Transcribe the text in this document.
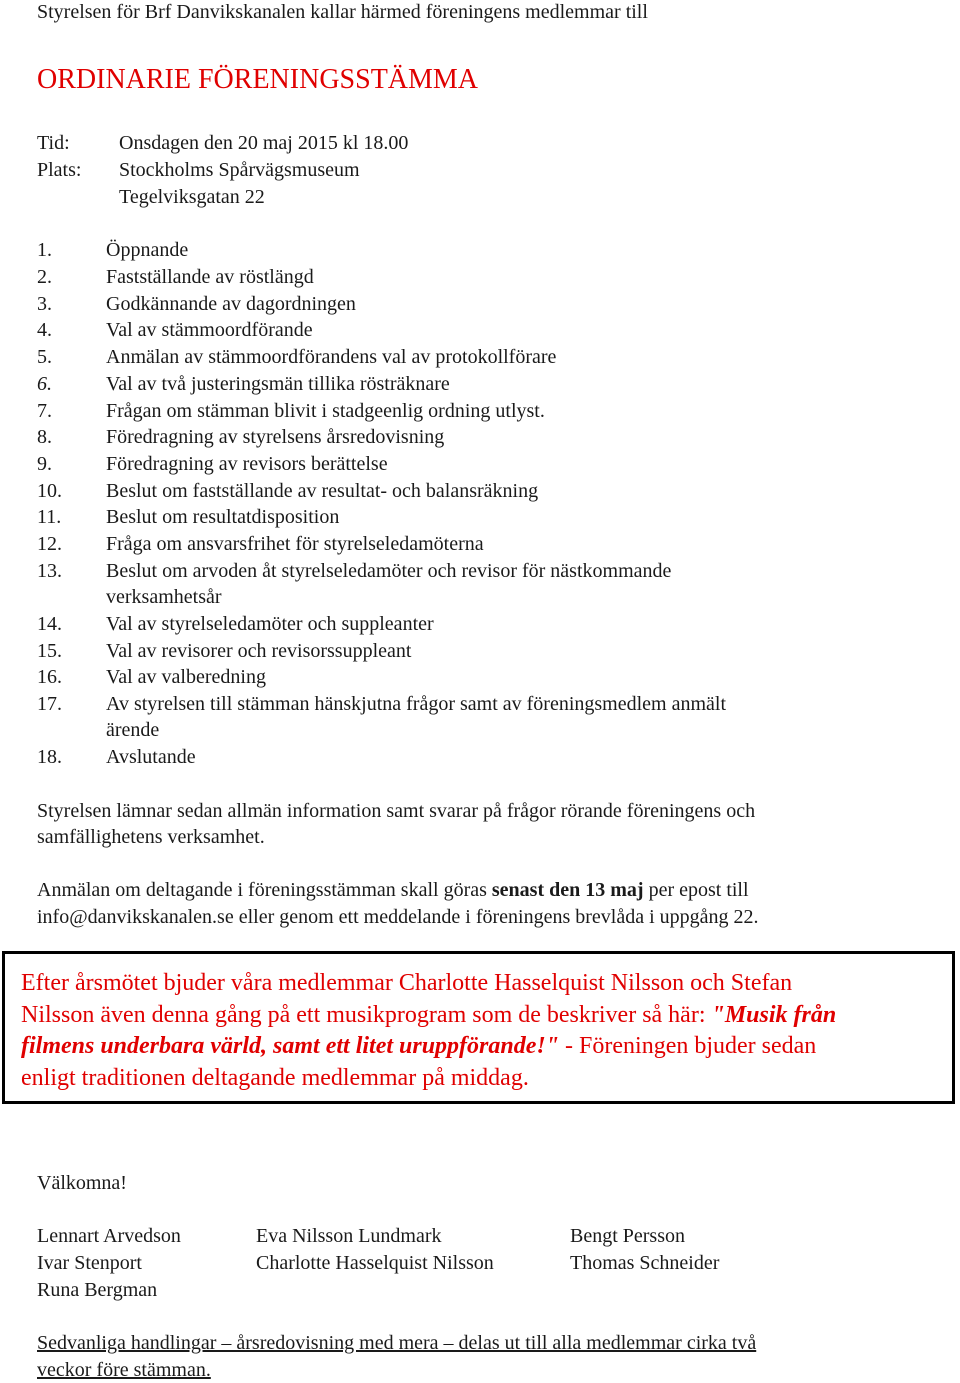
Styrelsen för Brf Danvikskanalen kallar härmed föreningens medlemmar till
ORDINARIE FÖRENINGSSTÄMMA
Tid: Onsdagen den 20 maj 2015 kl 18.00
Plats: Stockholms Spårvägsmuseum
Tegelviksgatan 22
1.	Öppnande
2.	Fastställande av röstlängd
3.	Godkännande av dagordningen
4.	Val av stämmoordförande
5.	Anmälan av stämmoordförandens val av protokollförare
6.	Val av två justeringsmän tillika rösträknare
7.	Frågan om stämman blivit i stadgeenlig ordning utlyst.
8.	Föredragning av styrelsens årsredovisning
9.	Föredragning av revisors berättelse
10. Beslut om fastställande av resultat- och balansräkning
11. Beslut om resultatdisposition
12. Fråga om ansvarsfrihet för styrelseledamöterna
13. Beslut om arvoden åt styrelseledamöter och revisor för nästkommande
verksamhetsår
14. Val av styrelseledamöter och suppleanter
15. Val av revisorer och revisorssuppleant
16. Val av valberedning
17. Av styrelsen till stämman hänskjutna frågor samt av föreningsmedlem anmält
ärende
18. Avslutande
Styrelsen lämnar sedan allmän information samt svarar på frågor rörande föreningens och
samfällighetens verksamhet.
Anmälan om deltagande i föreningsstämman skall göras senast den 13 maj per epost till
info@danvikskanalen.se eller genom ett meddelande i föreningens brevlåda i uppgång 22.
Efter årsmötet bjuder våra medlemmar Charlotte Hasselquist Nilsson och Stefan
Nilsson även denna gång på ett musikprogram som de beskriver så här: "Musik från
filmens underbara värld, samt ett litet uruppförande!" - Föreningen bjuder sedan
enligt traditionen deltagande medlemmar på middag.
Välkomna!
Lennart Arvedson	Eva Nilsson Lundmark	Bengt Persson
Ivar Stenport	Charlotte Hasselquist Nilsson	Thomas Schneider
Runa Bergman
Sedvanliga handlingar – årsredovisning med mera – delas ut till alla medlemmar cirka två
veckor före stämman.
